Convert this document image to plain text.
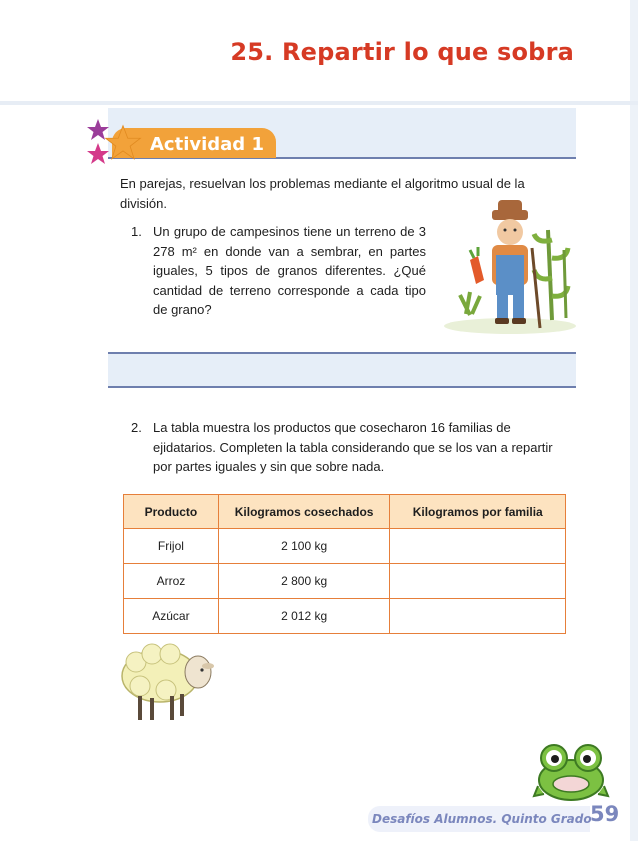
25. Repartir lo que sobra
Actividad 1
En parejas, resuelvan los problemas mediante el algoritmo usual de la división.
1. Un grupo de campesinos tiene un terreno de 3 278 m² en donde van a sembrar, en partes iguales, 5 tipos de granos diferentes. ¿Qué cantidad de terreno corresponde a cada tipo de grano?
2. La tabla muestra los productos que cosecharon 16 familias de ejidatarios. Completen la tabla considerando que se los van a repartir por partes iguales y sin que sobre nada.
Producto	Kilogramos cosechados	Kilogramos por familia
Frijol	2 100 kg	
Arroz	2 800 kg	
Azúcar	2 012 kg	
Desafíos Alumnos. Quinto Grado
59
